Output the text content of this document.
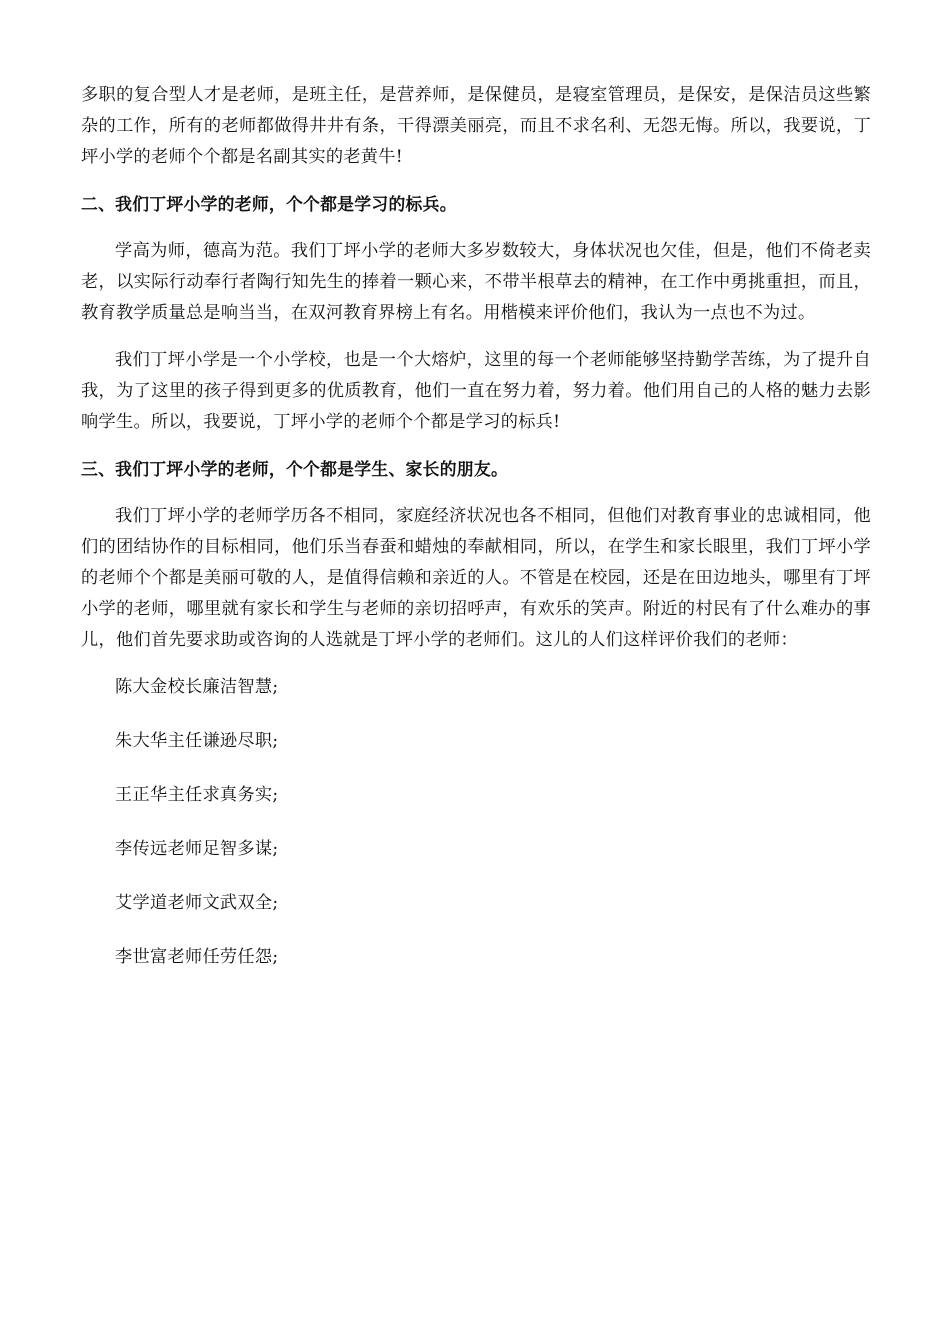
多职的复合型人才是老师，是班主任，是营养师，是保健员，是寝室管理员，是保安，是保洁员这些繁杂的工作，所有的老师都做得井井有条，干得漂美丽亮，而且不求名利、无怨无悔。所以，我要说，丁坪小学的老师个个都是名副其实的老黄牛!

二、我们丁坪小学的老师，个个都是学习的标兵。

学高为师，德高为范。我们丁坪小学的老师大多岁数较大，身体状况也欠佳，但是，他们不倚老卖老，以实际行动奉行者陶行知先生的捧着一颗心来，不带半根草去的精神，在工作中勇挑重担，而且，教育教学质量总是响当当，在双河教育界榜上有名。用楷模来评价他们，我认为一点也不为过。

我们丁坪小学是一个小学校，也是一个大熔炉，这里的每一个老师能够坚持勤学苦练，为了提升自我，为了这里的孩子得到更多的优质教育，他们一直在努力着，努力着。他们用自己的人格的魅力去影响学生。所以，我要说，丁坪小学的老师个个都是学习的标兵!

三、我们丁坪小学的老师，个个都是学生、家长的朋友。

我们丁坪小学的老师学历各不相同，家庭经济状况也各不相同，但他们对教育事业的忠诚相同，他们的团结协作的目标相同，他们乐当春蚕和蜡烛的奉献相同，所以，在学生和家长眼里，我们丁坪小学的老师个个都是美丽可敬的人，是值得信赖和亲近的人。不管是在校园，还是在田边地头，哪里有丁坪小学的老师，哪里就有家长和学生与老师的亲切招呼声，有欢乐的笑声。附近的村民有了什么难办的事儿，他们首先要求助或咨询的人选就是丁坪小学的老师们。这儿的人们这样评价我们的老师：

陈大金校长廉洁智慧;

朱大华主任谦逊尽职;

王正华主任求真务实;

李传远老师足智多谋;

艾学道老师文武双全;

李世富老师任劳任怨;
